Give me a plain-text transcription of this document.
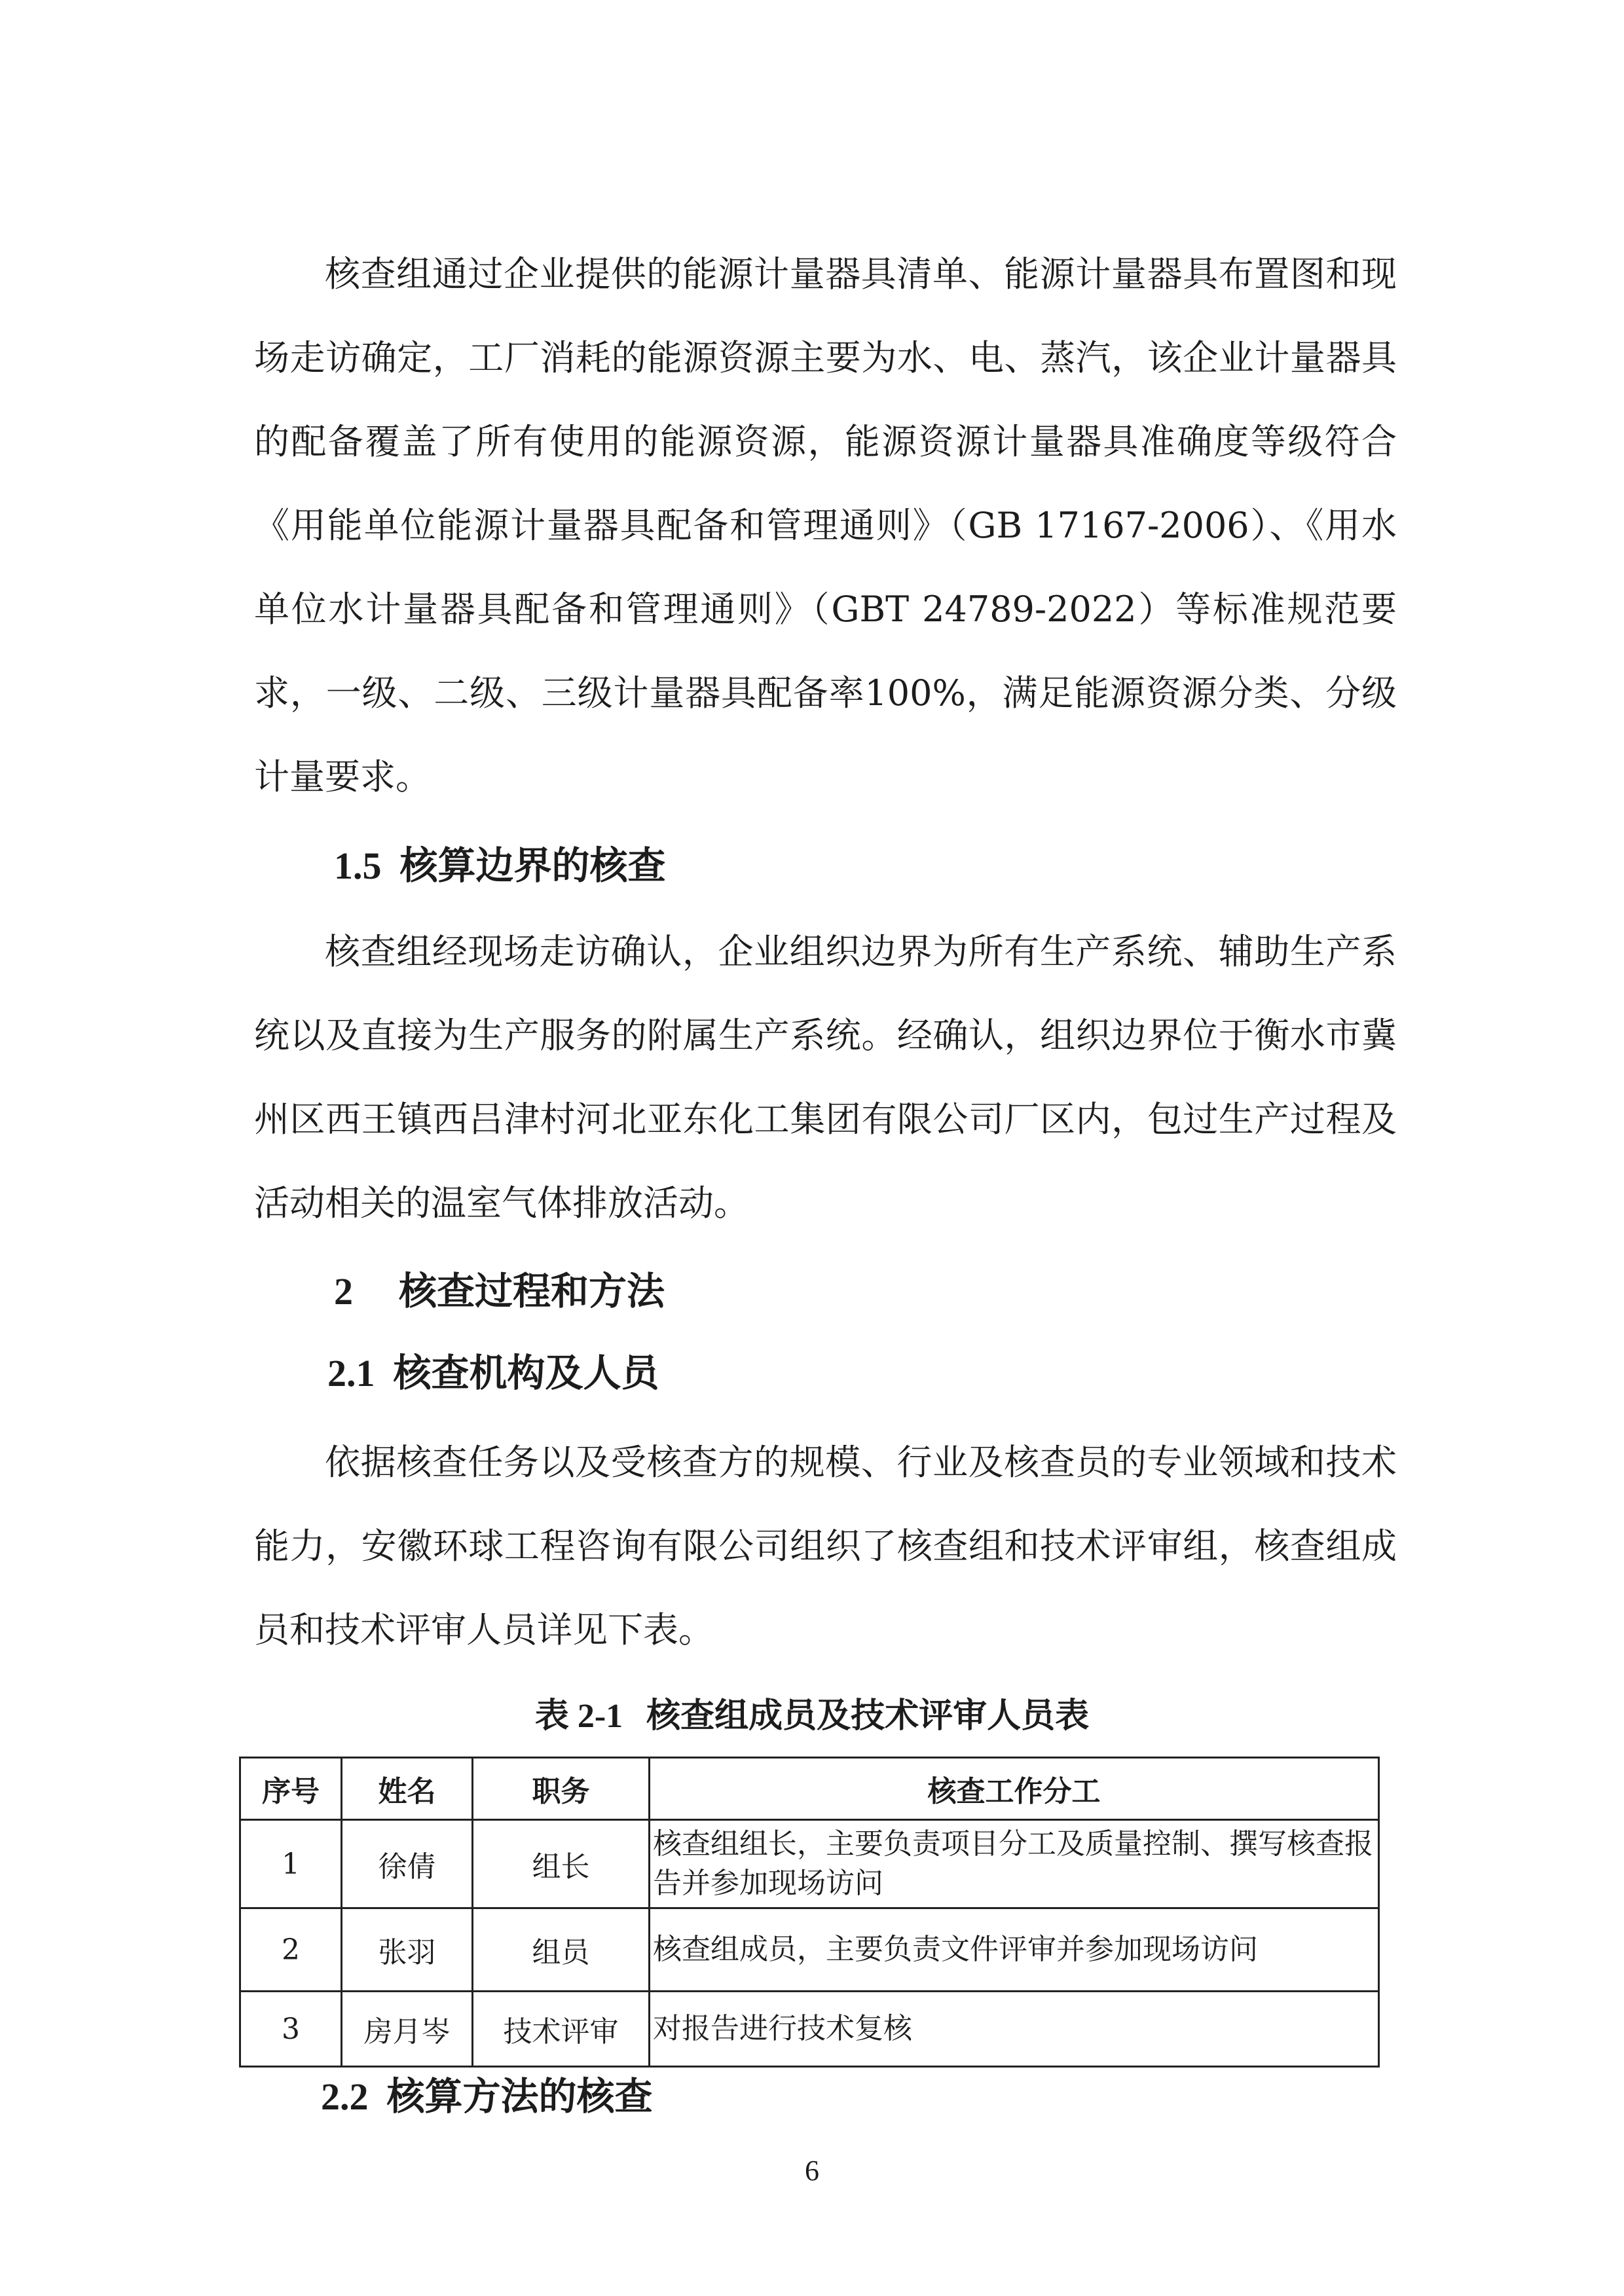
核查组通过企业提供的能源计量器具清单、能源计量器具布置图和现场走访确定，工厂消耗的能源资源主要为水、电、蒸汽，该企业计量器具的配备覆盖了所有使用的能源资源，能源资源计量器具准确度等级符合《用能单位能源计量器具配备和管理通则》（GB 17167-2006）、《用水单位水计量器具配备和管理通则》（GBT 24789-2022）等标准规范要求，一级、二级、三级计量器具配备率100%，满足能源资源分类、分级计量要求。

1.5 核算边界的核查

核查组经现场走访确认，企业组织边界为所有生产系统、辅助生产系统以及直接为生产服务的附属生产系统。经确认，组织边界位于衡水市冀州区西王镇西吕津村河北亚东化工集团有限公司厂区内，包过生产过程及活动相关的温室气体排放活动。

2 核查过程和方法
2.1 核查机构及人员

依据核查任务以及受核查方的规模、行业及核查员的专业领域和技术能力，安徽环球工程咨询有限公司组织了核查组和技术评审组，核查组成员和技术评审人员详见下表。

表 2-1 核查组成员及技术评审人员表

序号	姓名	职务	核查工作分工
1	徐倩	组长	核查组组长，主要负责项目分工及质量控制、撰写核查报告并参加现场访问
2	张羽	组员	核查组成员，主要负责文件评审并参加现场访问
3	房月岑	技术评审	对报告进行技术复核
2.2 核算方法的核查

6
